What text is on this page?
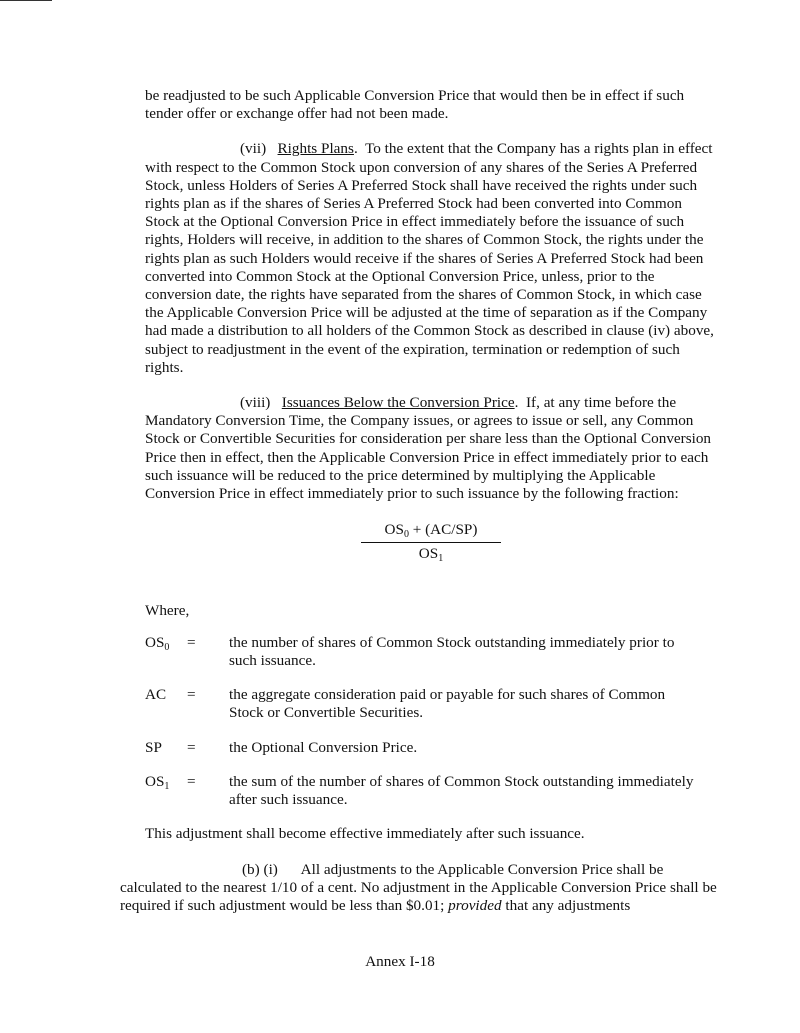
be readjusted to be such Applicable Conversion Price that would then be in effect if such tender offer or exchange offer had not been made.

(vii) Rights Plans.  To the extent that the Company has a rights plan in effect with respect to the Common Stock upon conversion of any shares of the Series A Preferred Stock, unless Holders of Series A Preferred Stock shall have received the rights under such rights plan as if the shares of Series A Preferred Stock had been converted into Common Stock at the Optional Conversion Price in effect immediately before the issuance of such rights, Holders will receive, in addition to the shares of Common Stock, the rights under the rights plan as such Holders would receive if the shares of Series A Preferred Stock had been converted into Common Stock at the Optional Conversion Price, unless, prior to the conversion date, the rights have separated from the shares of Common Stock, in which case the Applicable Conversion Price will be adjusted at the time of separation as if the Company had made a distribution to all holders of the Common Stock as described in clause (iv) above, subject to readjustment in the event of the expiration, termination or redemption of such rights.

(viii) Issuances Below the Conversion Price.  If, at any time before the Mandatory Conversion Time, the Company issues, or agrees to issue or sell, any Common Stock or Convertible Securities for consideration per share less than the Optional Conversion Price then in effect, then the Applicable Conversion Price in effect immediately prior to each such issuance will be reduced to the price determined by multiplying the Applicable Conversion Price in effect immediately prior to such issuance by the following fraction:

$\frac{OS_0 + (AC/SP)}{OS_1}$

Where,

$OS_0$	=	the number of shares of Common Stock outstanding immediately prior to such issuance.
AC	=	the aggregate consideration paid or payable for such shares of Common Stock or Convertible Securities.
SP	=	the Optional Conversion Price.
$OS_1$	=	the sum of the number of shares of Common Stock outstanding immediately after such issuance.

This adjustment shall become effective immediately after such issuance.

(b) (i) All adjustments to the Applicable Conversion Price shall be calculated to the nearest 1/10 of a cent. No adjustment in the Applicable Conversion Price shall be required if such adjustment would be less than $0.01; provided that any adjustments

Annex I-18
